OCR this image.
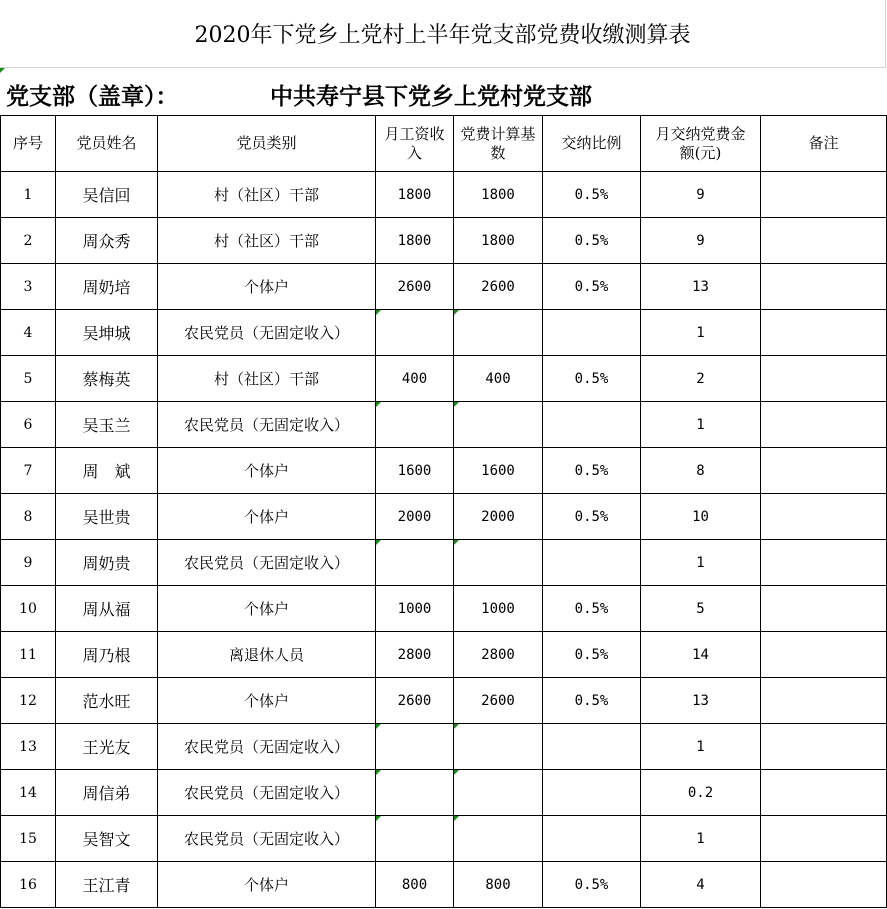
2020年下党乡上党村上半年党支部党费收缴测算表
党支部（盖章）：	中共寿宁县下党乡上党村党支部
序号	党员姓名	党员类别	月工资收入	党费计算基数	交纳比例	月交纳党费金额(元)	备注
1	吴信回	村（社区）干部	1800	1800	0.5%	9	
2	周众秀	村（社区）干部	1800	1800	0.5%	9	
3	周奶培	个体户	2600	2600	0.5%	13	
4	吴坤城	农民党员（无固定收入）				1	
5	蔡梅英	村（社区）干部	400	400	0.5%	2	
6	吴玉兰	农民党员（无固定收入）				1	
7	周　斌	个体户	1600	1600	0.5%	8	
8	吴世贵	个体户	2000	2000	0.5%	10	
9	周奶贵	农民党员（无固定收入）				1	
10	周从福	个体户	1000	1000	0.5%	5	
11	周乃根	离退休人员	2800	2800	0.5%	14	
12	范水旺	个体户	2600	2600	0.5%	13	
13	王光友	农民党员（无固定收入）				1	
14	周信弟	农民党员（无固定收入）				0.2	
15	吴智文	农民党员（无固定收入）				1	
16	王江青	个体户	800	800	0.5%	4	
